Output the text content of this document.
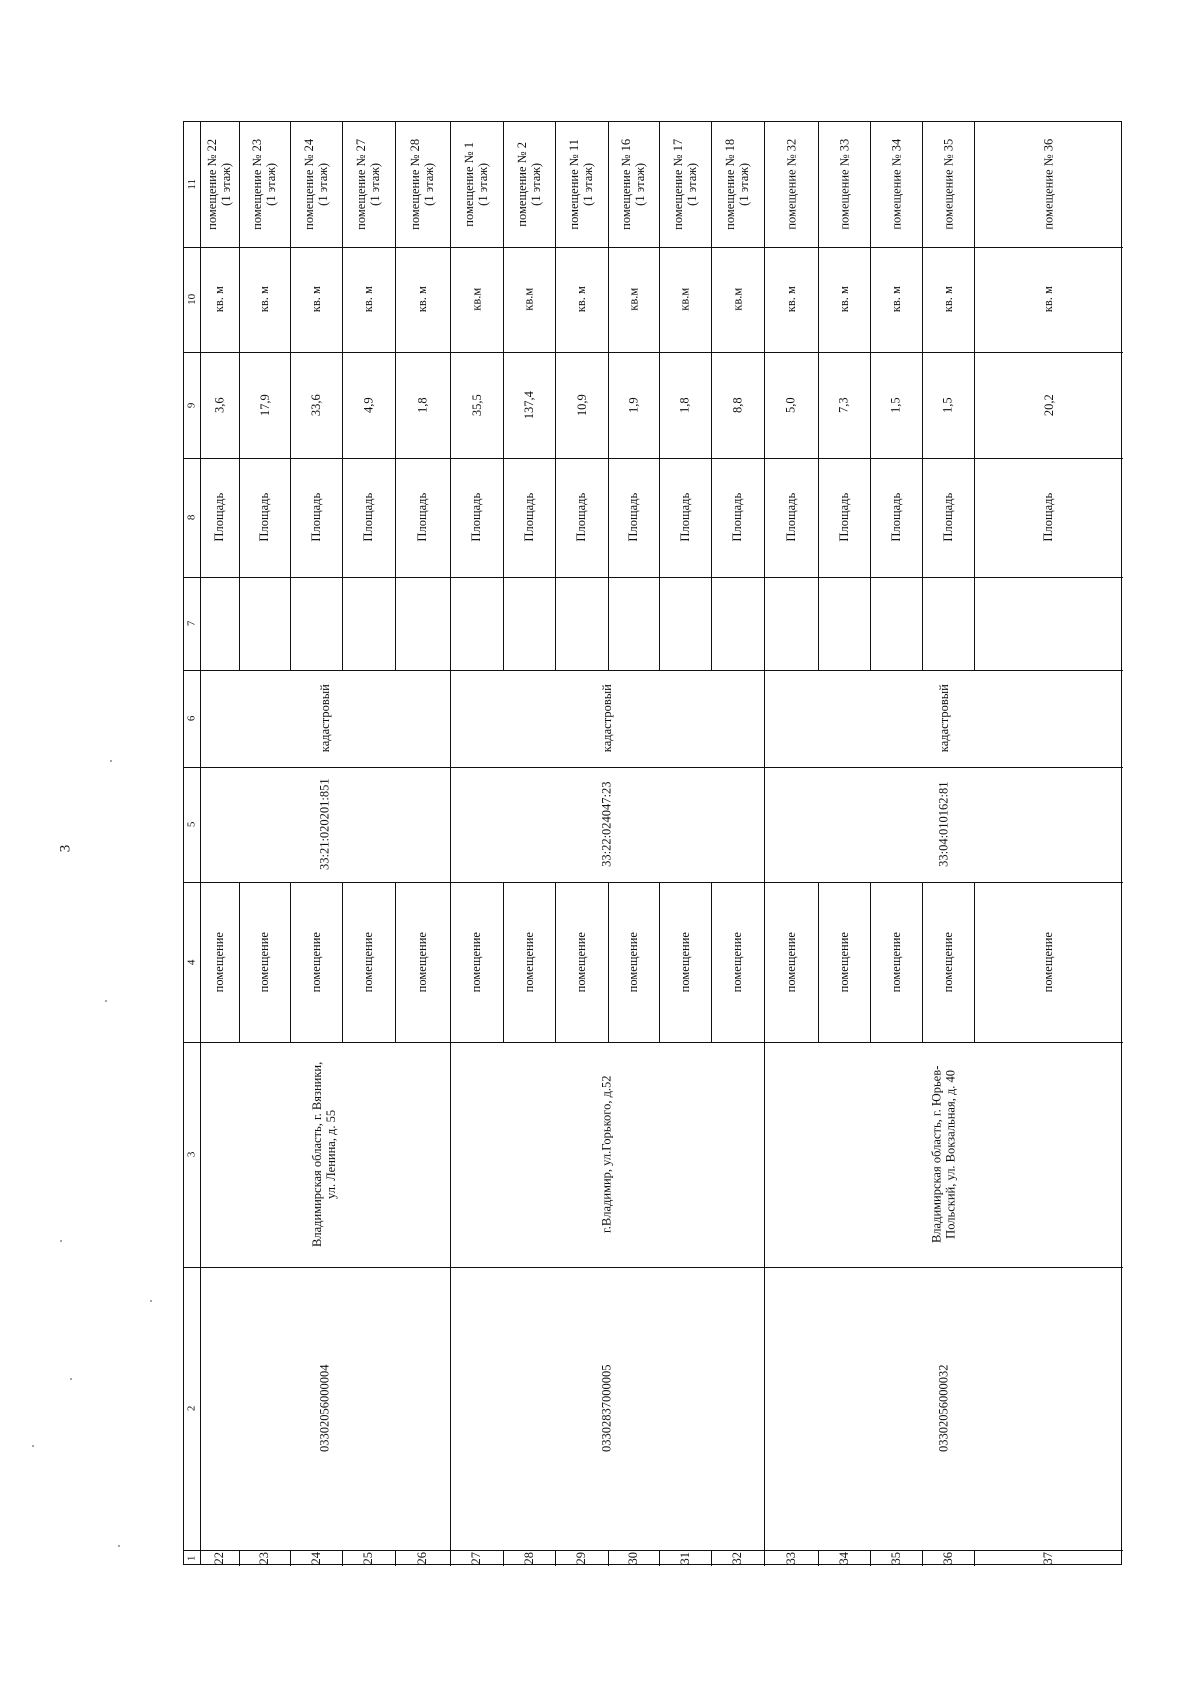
3
1
2
3
4
5
6
7
8
9
10
11
22
помещение
Площадь
3,6
кв. м
помещение № 22 (1 этаж)
23
помещение
Площадь
17,9
кв. м
помещение № 23 (1 этаж)
24
помещение
Площадь
33,6
кв. м
помещение № 24 (1 этаж)
25
помещение
Площадь
4,9
кв. м
помещение № 27 (1 этаж)
26
помещение
Площадь
1,8
кв. м
помещение № 28 (1 этаж)
27
помещение
Площадь
35,5
кв.м
помещение № 1 (1 этаж)
28
помещение
Площадь
137,4
кв.м
помещение № 2 (1 этаж)
29
помещение
Площадь
10,9
кв. м
помещение № 11 (1 этаж)
30
помещение
Площадь
1,9
кв.м
помещение № 16 (1 этаж)
31
помещение
Площадь
1,8
кв.м
помещение № 17 (1 этаж)
32
помещение
Площадь
8,8
кв.м
помещение № 18 (1 этаж)
33
помещение
Площадь
5,0
кв. м
помещение № 32
34
помещение
Площадь
7,3
кв. м
помещение № 33
35
помещение
Площадь
1,5
кв. м
помещение № 34
36
помещение
Площадь
1,5
кв. м
помещение № 35
37
помещение
Площадь
20,2
кв. м
помещение № 36
03302056000004
Владимирская область, г. Вязники, ул. Ленина, д. 55
33:21:020201:851
кадастровый
03302837000005
г.Владимир, ул.Горького, д.52
33:22:024047:23
кадастровый
03302056000032
Владимирская область, г. Юрьев- Польский, ул. Вокзальная, д. 40
33:04:010162:81
кадастровый
